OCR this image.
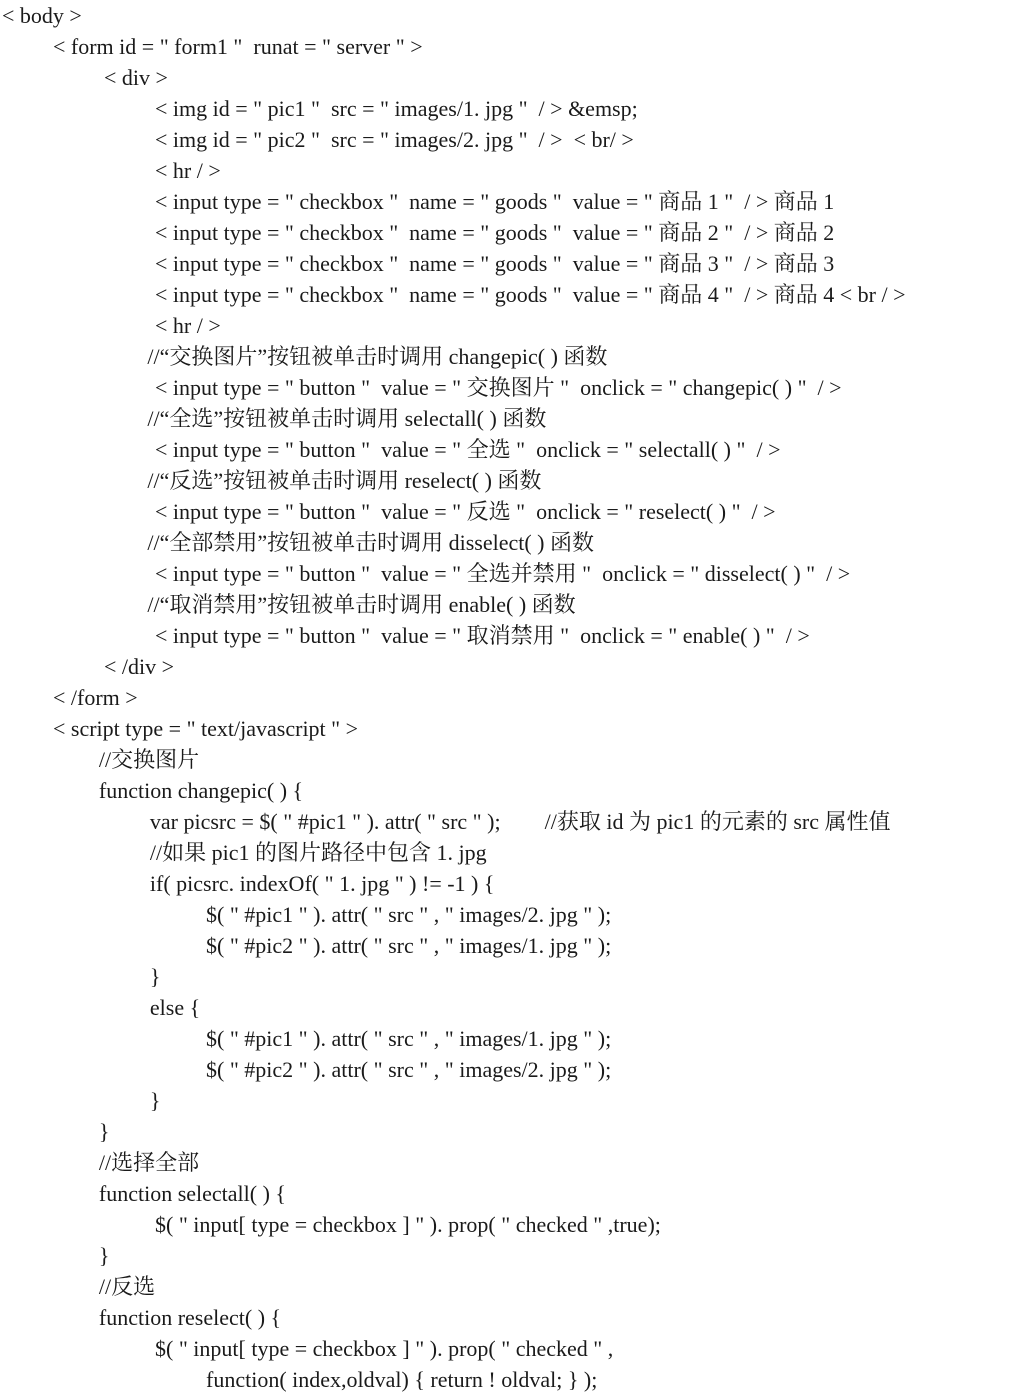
< body >
< form id = " form1 "  runat = " server " >
< div >
< img id = " pic1 "  src = " images/1. jpg "  / > &emsp;
< img id = " pic2 "  src = " images/2. jpg "  / >  < br/ >
< hr / >
< input type = " checkbox "  name = " goods "  value = " 商品 1 "  / > 商品 1
< input type = " checkbox "  name = " goods "  value = " 商品 2 "  / > 商品 2
< input type = " checkbox "  name = " goods "  value = " 商品 3 "  / > 商品 3
< input type = " checkbox "  name = " goods "  value = " 商品 4 "  / > 商品 4 < br / >
< hr / >
//“交换图片”按钮被单击时调用 changepic( ) 函数
< input type = " button "  value = " 交换图片 "  onclick = " changepic( ) "  / >
//“全选”按钮被单击时调用 selectall( ) 函数
< input type = " button "  value = " 全选 "  onclick = " selectall( ) "  / >
//“反选”按钮被单击时调用 reselect( ) 函数
< input type = " button "  value = " 反选 "  onclick = " reselect( ) "  / >
//“全部禁用”按钮被单击时调用 disselect( ) 函数
< input type = " button "  value = " 全选并禁用 "  onclick = " disselect( ) "  / >
//“取消禁用”按钮被单击时调用 enable( ) 函数
< input type = " button "  value = " 取消禁用 "  onclick = " enable( ) "  / >
< /div >
< /form >
< script type = " text/javascript " >
//交换图片
function changepic( ) {
var picsrc = $( " #pic1 " ). attr( " src " );        //获取 id 为 pic1 的元素的 src 属性值
//如果 pic1 的图片路径中包含 1. jpg
if( picsrc. indexOf( " 1. jpg " ) != -1 ) {
$( " #pic1 " ). attr( " src " , " images/2. jpg " );
$( " #pic2 " ). attr( " src " , " images/1. jpg " );
}
else {
$( " #pic1 " ). attr( " src " , " images/1. jpg " );
$( " #pic2 " ). attr( " src " , " images/2. jpg " );
}
}
//选择全部
function selectall( ) {
$( " input[ type = checkbox ] " ). prop( " checked " ,true);
}
//反选
function reselect( ) {
$( " input[ type = checkbox ] " ). prop( " checked " ,
function( index,oldval) { return ! oldval; } );
